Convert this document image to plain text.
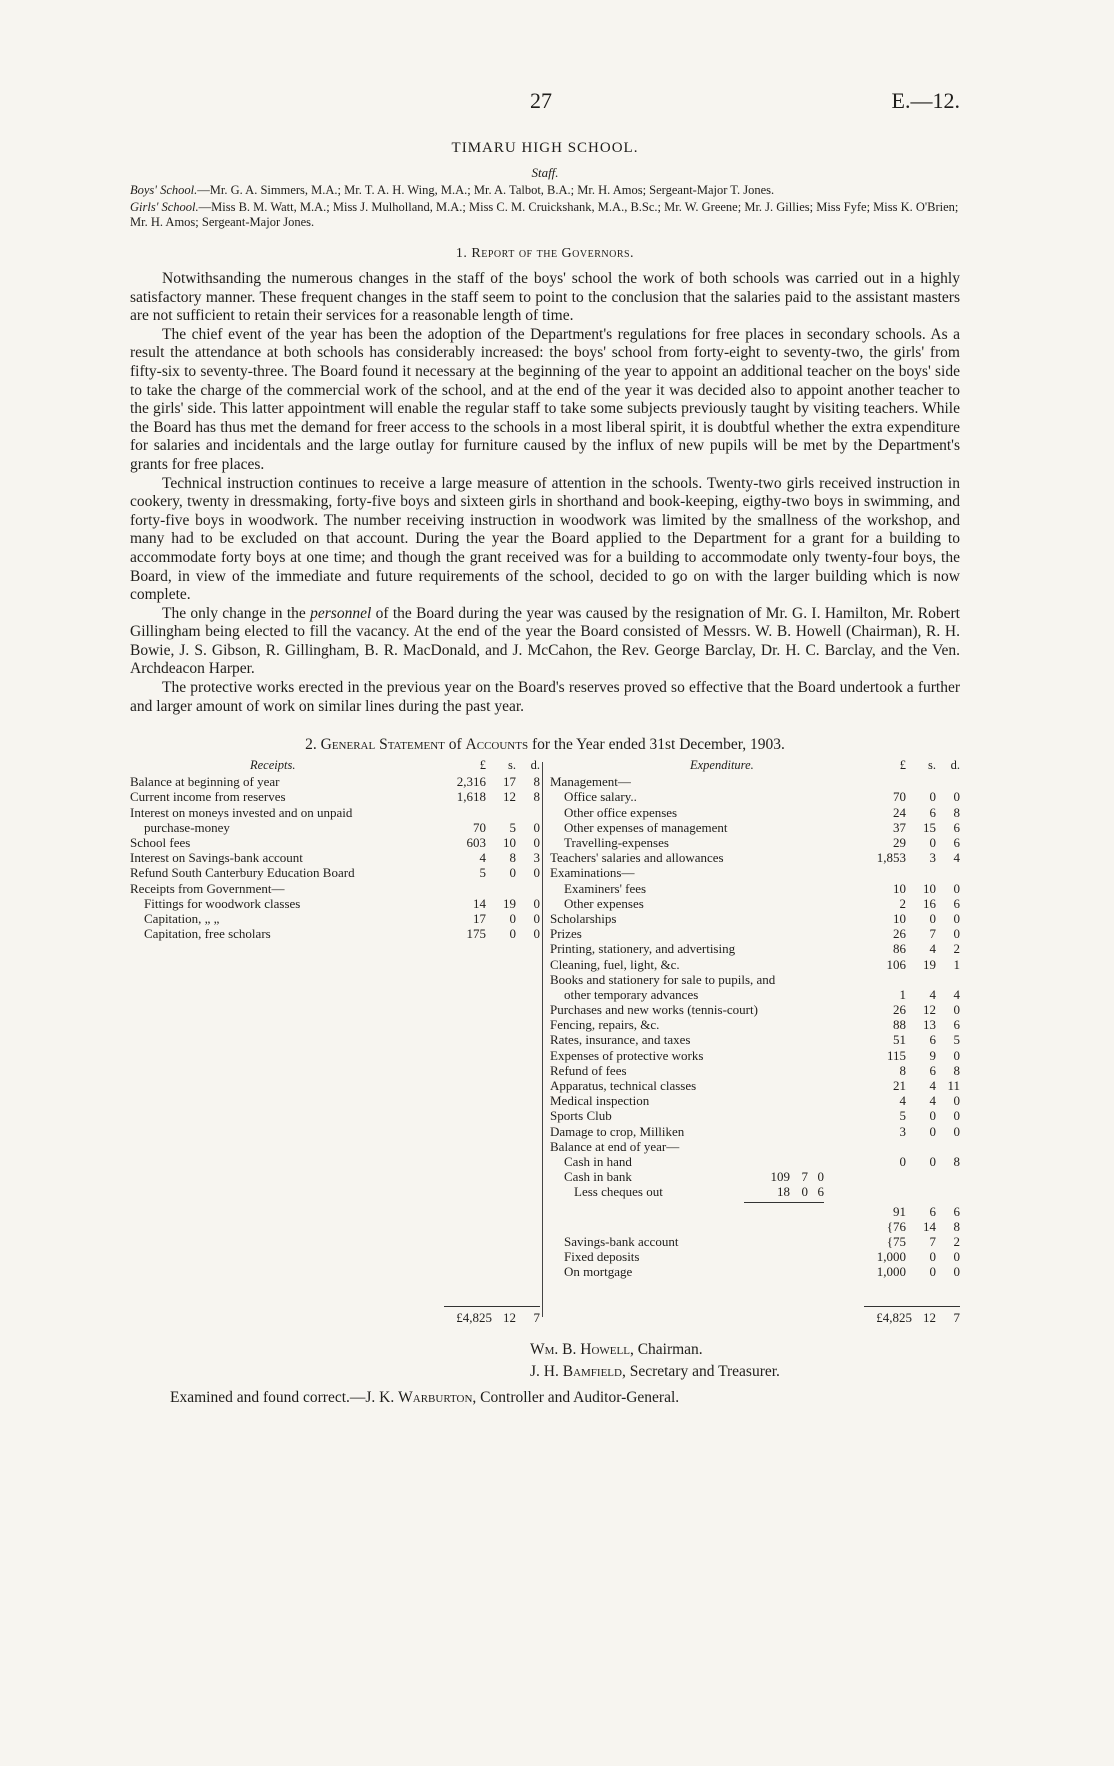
27	E.—12.
TIMARU HIGH SCHOOL.
Staff.

Boys' School.—Mr. G. A. Simmers, M.A.; Mr. T. A. H. Wing, M.A.; Mr. A. Talbot, B.A.; Mr. H. Amos; Sergeant-Major T. Jones.

Girls' School.—Miss B. M. Watt, M.A.; Miss J. Mulholland, M.A.; Miss C. M. Cruickshank, M.A., B.Sc.; Mr. W. Greene; Mr. J. Gillies; Miss Fyfe; Miss K. O'Brien; Mr. H. Amos; Sergeant-Major Jones.

1. Report of the Governors.

Notwithsanding the numerous changes in the staff of the boys' school the work of both schools was carried out in a highly satisfactory manner. These frequent changes in the staff seem to point to the conclusion that the salaries paid to the assistant masters are not sufficient to retain their services for a reasonable length of time.

The chief event of the year has been the adoption of the Department's regulations for free places in secondary schools. As a result the attendance at both schools has considerably increased: the boys' school from forty-eight to seventy-two, the girls' from fifty-six to seventy-three. The Board found it necessary at the beginning of the year to appoint an additional teacher on the boys' side to take the charge of the commercial work of the school, and at the end of the year it was decided also to appoint another teacher to the girls' side. This latter appointment will enable the regular staff to take some subjects previously taught by visiting teachers. While the Board has thus met the demand for freer access to the schools in a most liberal spirit, it is doubtful whether the extra expenditure for salaries and incidentals and the large outlay for furniture caused by the influx of new pupils will be met by the Department's grants for free places.

Technical instruction continues to receive a large measure of attention in the schools. Twenty-two girls received instruction in cookery, twenty in dressmaking, forty-five boys and sixteen girls in shorthand and book-keeping, eigthy-two boys in swimming, and forty-five boys in woodwork. The number receiving instruction in woodwork was limited by the smallness of the workshop, and many had to be excluded on that account. During the year the Board applied to the Department for a grant for a building to accommodate forty boys at one time; and though the grant received was for a building to accommodate only twenty-four boys, the Board, in view of the immediate and future requirements of the school, decided to go on with the larger building which is now complete.

The only change in the personnel of the Board during the year was caused by the resignation of Mr. G. I. Hamilton, Mr. Robert Gillingham being elected to fill the vacancy. At the end of the year the Board consisted of Messrs. W. B. Howell (Chairman), R. H. Bowie, J. S. Gibson, R. Gillingham, B. R. MacDonald, and J. McCahon, the Rev. George Barclay, Dr. H. C. Barclay, and the Ven. Archdeacon Harper.

The protective works erected in the previous year on the Board's reserves proved so effective that the Board undertook a further and larger amount of work on similar lines during the past year.

2. General Statement of Accounts for the Year ended 31st December, 1903.
Receipts.	£	s.	d.
Balance at beginning of year	2,316	17	8
Current income from reserves	1,618	12	8
Interest on moneys invested and on unpaid
purchase-money	70	5	0
School fees	603	10	0
Interest on Savings-bank account	4	8	3
Refund South Canterbury Education Board	5	0	0
Receipts from Government—
Fittings for woodwork classes	14	19	0
Capitation, „ „	17	0	0
Capitation, free scholars	175	0	0
£4,825 12	7
Expenditure.	£	s.	d.
Management—
Office salary..	70	0	0
Other office expenses	24	6	8
Other expenses of management	37	15	6
Travelling-expenses	29	0	6
Teachers' salaries and allowances	1,853	3	4
Examinations—
Examiners' fees	10	10	0
Other expenses	2	16	6
Scholarships	10	0	0
Prizes	26	7	0
Printing, stationery, and advertising	86	4	2
Cleaning, fuel, light, &c.	106	19	1
Books and stationery for sale to pupils, and
other temporary advances	1	4	4
Purchases and new works (tennis-court)	26	12	0
Fencing, repairs, &c.	88	13	6
Rates, insurance, and taxes	51	6	5
Expenses of protective works	115	9	0
Refund of fees	8	6	8
Apparatus, technical classes	21	4 11
Medical inspection	4	4	0
Sports Club	5	0	0
Damage to crop, Milliken	3	0	0
Balance at end of year—
Cash in hand	0	0	8
Cash in bank	109 7 0
Less cheques out	18 0 6
91	6	6
{76	14	8
Savings-bank account	{75	7	2
Fixed deposits	1,000	0	0
On mortgage	1,000	0	0
£4,825 12	7
Wm. B. Howell, Chairman.
J. H. Bamfield, Secretary and Treasurer.
Examined and found correct.—J. K. Warburton, Controller and Auditor-General.
